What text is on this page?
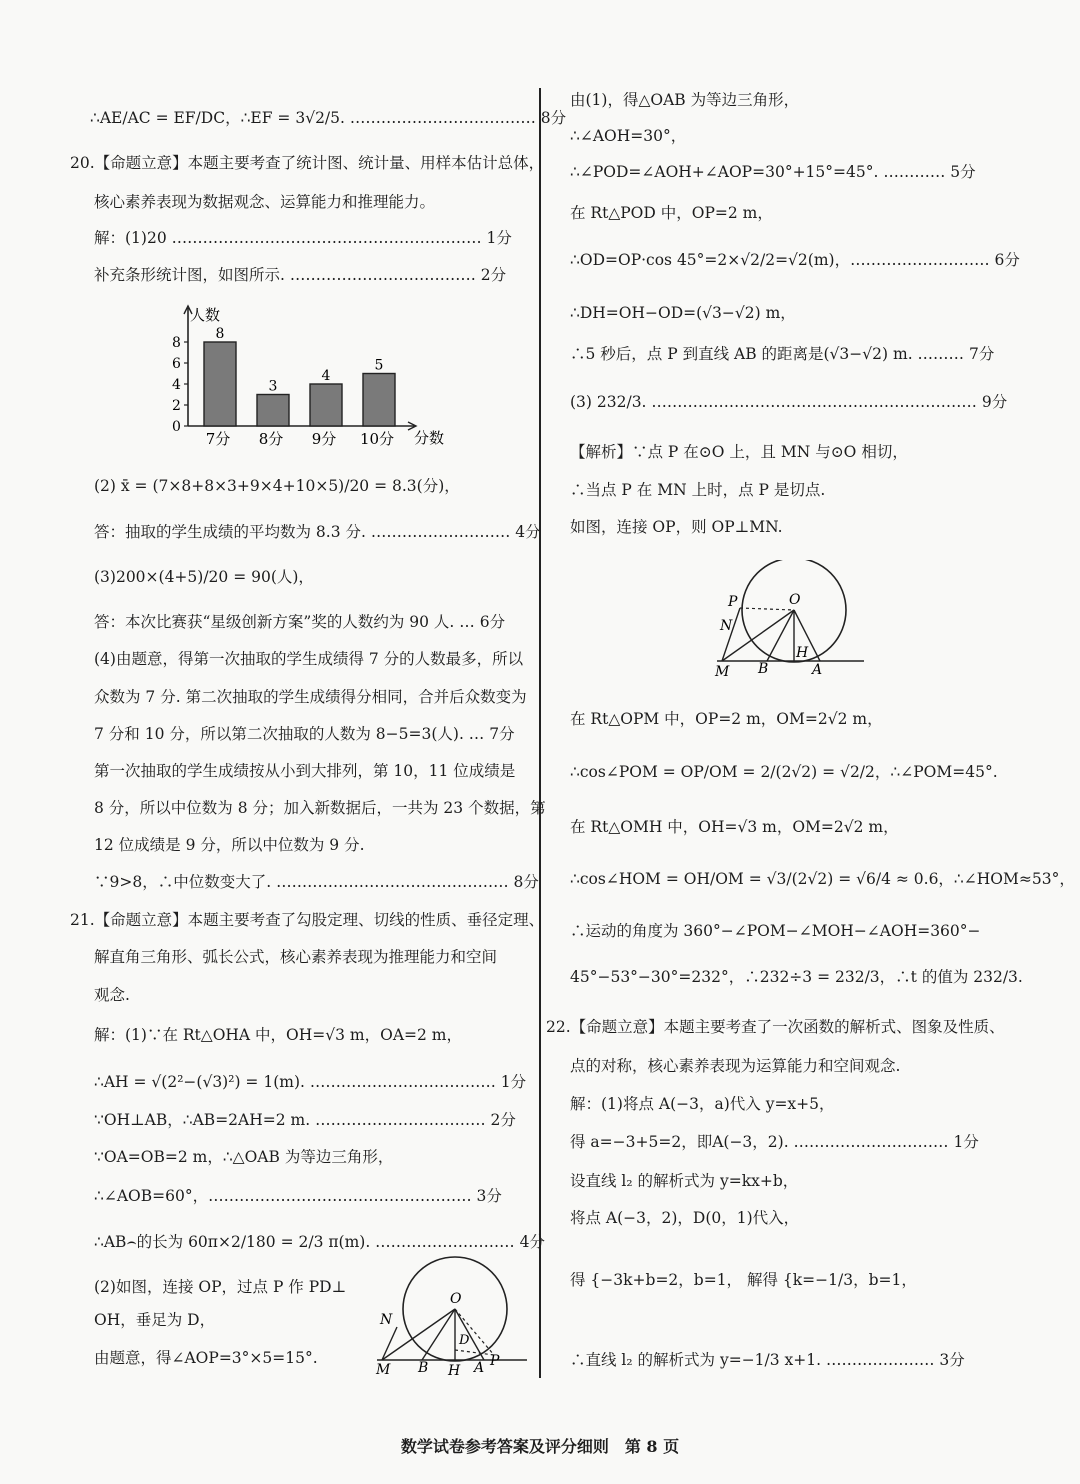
∴AE/AC = EF/DC，∴EF = 3√2/5. ……………………………… 8分
20.【命题立意】本题主要考查了统计图、统计量、用样本估计总体，
核心素养表现为数据观念、运算能力和推理能力。
解：(1)20 …………………………………………………… 1分
补充条形统计图，如图所示. ……………………………… 2分
人数
分数
0
2
4
6
8
8
7分
3
8分
4
9分
5
10分
(2) x̄ = (7×8+8×3+9×4+10×5)/20 = 8.3(分)，
答：抽取的学生成绩的平均数为 8.3 分. ……………………… 4分
(3)200×(4+5)/20 = 90(人)，
答：本次比赛获“星级创新方案”奖的人数约为 90 人. … 6分
(4)由题意，得第一次抽取的学生成绩得 7 分的人数最多，所以
众数为 7 分. 第二次抽取的学生成绩得分相同，合并后众数变为
7 分和 10 分，所以第二次抽取的人数为 8−5=3(人). … 7分
第一次抽取的学生成绩按从小到大排列，第 10，11 位成绩是
8 分，所以中位数为 8 分；加入新数据后，一共为 23 个数据，第
12 位成绩是 9 分，所以中位数为 9 分.
∵9>8，∴中位数变大了. ……………………………………… 8分
21.【命题立意】本题主要考查了勾股定理、切线的性质、垂径定理、
解直角三角形、弧长公式，核心素养表现为推理能力和空间
观念.
解：(1)∵在 Rt△OHA 中，OH=√3 m，OA=2 m，
∴AH = √(2²−(√3)²) = 1(m). ……………………………… 1分
∵OH⊥AB，∴AB=2AH=2 m. …………………………… 2分
∵OA=OB=2 m，∴△OAB 为等边三角形，
∴∠AOB=60°，…………………………………………… 3分
∴AB⌢的长为 60π×2/180 = 2/3 π(m). ……………………… 4分
(2)如图，连接 OP，过点 P 作 PD⊥
OH，垂足为 D，
由题意，得∠AOP=3°×5=15°.
O
N
D
M B H A P
由(1)，得△OAB 为等边三角形，
∴∠AOH=30°，
∴∠POD=∠AOH+∠AOP=30°+15°=45°. ………… 5分
在 Rt△POD 中，OP=2 m，
∴OD=OP·cos 45°=2×√2/2=√2(m)，……………………… 6分
∴DH=OH−OD=(√3−√2) m，
∴5 秒后，点 P 到直线 AB 的距离是(√3−√2) m. ……… 7分
(3) 232/3. ……………………………………………………… 9分
【解析】∵点 P 在⊙O 上，且 MN 与⊙O 相切，
∴当点 P 在 MN 上时，点 P 是切点.
如图，连接 OP，则 OP⊥MN.
P	O
N
M B
H
A
在 Rt△OPM 中，OP=2 m，OM=2√2 m，
∴cos∠POM = OP/OM = 2/(2√2) = √2/2，∴∠POM=45°.
在 Rt△OMH 中，OH=√3 m，OM=2√2 m，
∴cos∠HOM = OH/OM = √3/(2√2) = √6/4 ≈ 0.6，∴∠HOM≈53°，
∴运动的角度为 360°−∠POM−∠MOH−∠AOH=360°−
45°−53°−30°=232°，∴232÷3 = 232/3，∴t 的值为 232/3.
22.【命题立意】本题主要考查了一次函数的解析式、图象及性质、
点的对称，核心素养表现为运算能力和空间观念.
解：(1)将点 A(−3，a)代入 y=x+5，
得 a=−3+5=2，即A(−3，2). ………………………… 1分
设直线 l₂ 的解析式为 y=kx+b，
将点 A(−3，2)，D(0，1)代入，
得 {−3k+b=2，b=1， 解得 {k=−1/3，b=1，
∴直线 l₂ 的解析式为 y=−1/3 x+1. ………………… 3分
数学试卷参考答案及评分细则　第 8 页
